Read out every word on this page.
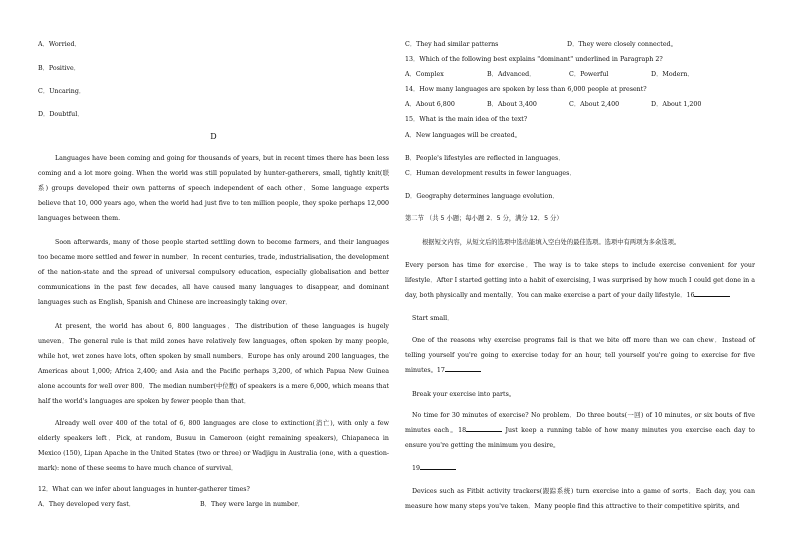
A．Worried．

B．Positive．

C．Uncaring．

D．Doubtful．

D

Languages have been coming and going for thousands of years, but in recent times there has been less coming and a lot more going. When the world was still populated by hunter-gatherers, small, tightly knit(联系) groups developed their own patterns of speech independent of each other．Some language experts believe that 10, 000 years ago, when the world had just five to ten million people, they spoke perhaps 12,000 languages between them.

Soon afterwards, many of those people started settling down to become farmers, and their languages too became more settled and fewer in number．In recent centuries, trade, industrialisation, the development of the nation-state and the spread of universal compulsory education, especially globalisation and better communications in the past few decades, all have caused many languages to disappear, and dominant languages such as English, Spanish and Chinese are increasingly taking over．

At present, the world has about 6, 800 languages．The distribution of these languages is hugely uneven．The general rule is that mild zones have relatively few languages, often spoken by many people, while hot, wet zones have lots, often spoken by small numbers．Europe has only around 200 languages, the Americas about 1,000; Africa 2,400; and Asia and the Pacific perhaps 3,200, of which Papua New Guinea alone accounts for well over 800．The median number(中位数) of speakers is a mere 6,000, which means that half the world's languages are spoken by fewer people than that．

Already well over 400 of the total of 6, 800 languages are close to extinction(消亡), with only a few elderly speakers left．Pick, at random, Busuu in Cameroon (eight remaining speakers), Chiapaneca in Mexico (150), Lipan Apache in the United States (two or three) or Wadjigu in Australia (one, with a question-mark): none of these seems to have much chance of survival．

12．What can we infer about languages in hunter-gatherer times?

A．They developed very fast．	B．They were large in number．
C．They had similar patterns	D．They were closely connected。

13．Which of the following best explains "dominant" underlined in Paragraph 2?

A．Complex	B．Advanced．	C．Powerful	D．Modern．

14．How many languages are spoken by less than 6,000 people at present?

A．About 6,800	B．About 3,400	C．About 2,400	D．About 1,200

15．What is the main idea of the text?

A．New languages will be created。

B．People's lifestyles are reflected in languages．

C．Human development results in fewer languages．

D．Geography determines language evolution．

第二节 （共 5 小题；每小题 2．5 分，满分 12．5 分）

根据短文内容，从短文后的选项中选出能填入空白处的最佳选项。选项中有两项为多余选项。

Every person has time for exercise．The way is to take steps to include exercise convenient for your lifestyle．After I started getting into a habit of exercising, I was surprised by how much I could get done in a day, both physically and mentally．You can make exercise a part of your daily lifestyle．16

Start small．

One of the reasons why exercise programs fail is that we bite off more than we can chew．Instead of telling yourself you're going to exercise today for an hour, tell yourself you're going to exercise for five minutes。17

Break your exercise into parts。

No time for 30 minutes of exercise? No problem．Do three bouts(一回) of 10 minutes, or six bouts of five minutes each。18	Just keep a running table of how many minutes you exercise each day to ensure you're getting the minimum you desire。

19

Devices such as Fitbit activity trackers(跟踪系统) turn exercise into a game of sorts．Each day, you can measure how many steps you've taken．Many people find this attractive to their competitive spirits, and
